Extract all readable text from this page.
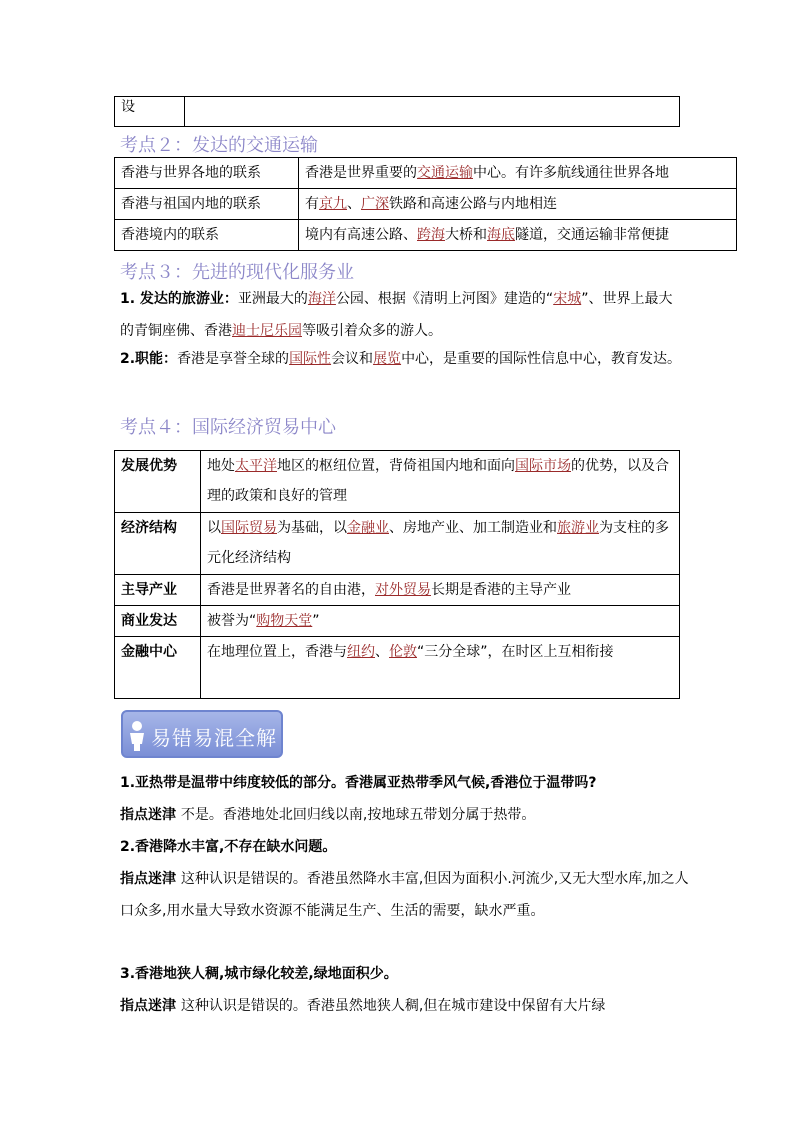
设	
考点２：发达的交通运输
香港与世界各地的联系	香港是世界重要的交通运输中心。有许多航线通往世界各地
香港与祖国内地的联系	有京九、广深铁路和高速公路与内地相连
香港境内的联系	境内有高速公路、跨海大桥和海底隧道，交通运输非常便捷
考点３：先进的现代化服务业
1. 发达的旅游业：亚洲最大的海洋公园、根据《清明上河图》建造的“宋城”、世界上最大的青铜座佛、香港迪士尼乐园等吸引着众多的游人。
2.职能：香港是享誉全球的国际性会议和展览中心，是重要的国际性信息中心，教育发达。
考点４：国际经济贸易中心
发展优势	地处太平洋地区的枢纽位置，背倚祖国内地和面向国际市场的优势，以及合理的政策和良好的管理
经济结构	以国际贸易为基础，以金融业、房地产业、加工制造业和旅游业为支柱的多元化经济结构
主导产业	香港是世界著名的自由港，对外贸易长期是香港的主导产业
商业发达	被誉为“购物天堂”
金融中心	在地理位置上，香港与纽约、伦敦“三分全球”，在时区上互相衔接
易错易混全解
1.亚热带是温带中纬度较低的部分。香港属亚热带季风气候,香港位于温带吗?
指点迷津 不是。香港地处北回归线以南,按地球五带划分属于热带。
2.香港降水丰富,不存在缺水问题。
指点迷津 这种认识是错误的。香港虽然降水丰富,但因为面积小.河流少,又无大型水库,加之人口众多,用水量大导致水资源不能满足生产、生活的需要，缺水严重。
3.香港地狭人稠,城市绿化较差,绿地面积少。
指点迷津 这种认识是错误的。香港虽然地狭人稠,但在城市建设中保留有大片绿
